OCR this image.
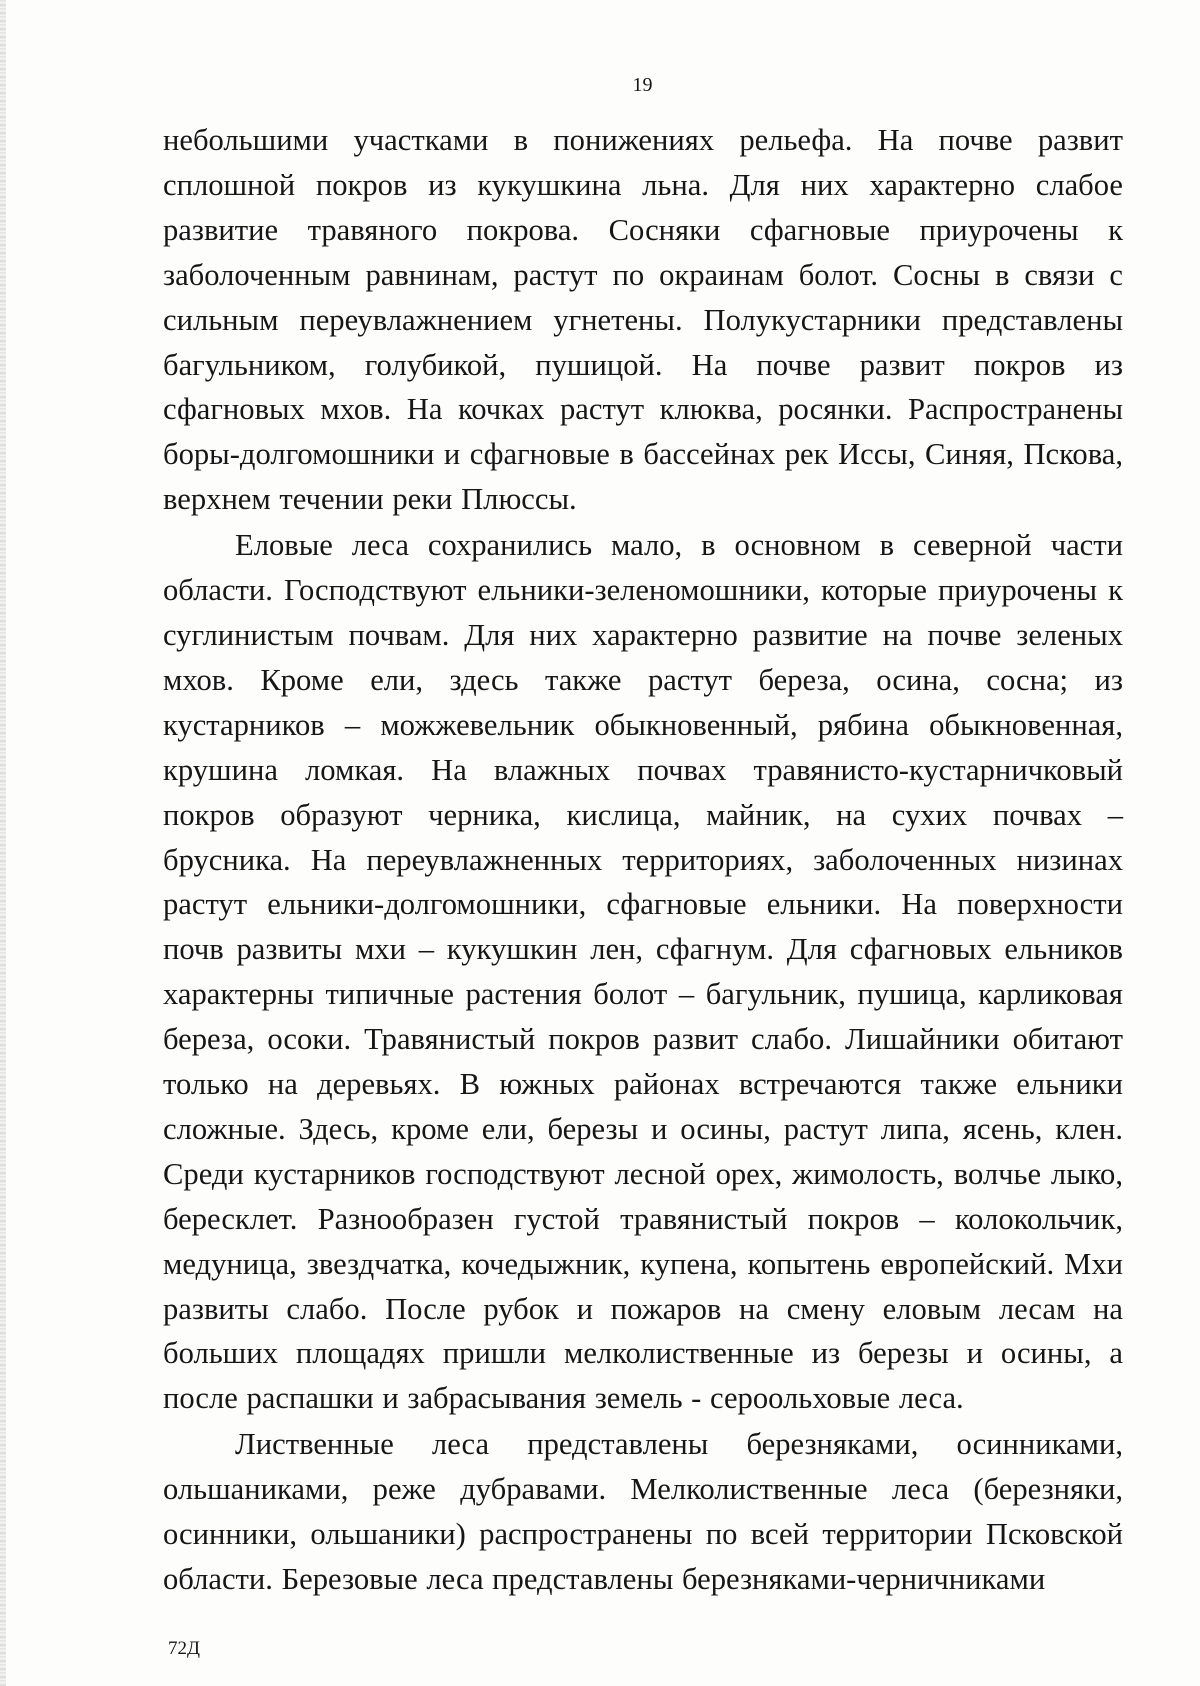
19

небольшими участками в понижениях рельефа. На почве развит сплошной покров из кукушкина льна. Для них характерно слабое развитие травяного покрова. Сосняки сфагновые приурочены к заболоченным равнинам, растут по окраинам болот. Сосны в связи с сильным переувлажнением угнетены. Полукустарники представлены багульником, голубикой, пушицой. На почве развит покров из сфагновых мхов. На кочках растут клюква, росянки. Распространены боры-долгомошники и сфагновые в бассейнах рек Иссы, Синяя, Пскова, верхнем течении реки Плюссы.

Еловые леса сохранились мало, в основном в северной части области. Господствуют ельники-зеленомошники, которые приурочены к суглинистым почвам. Для них характерно развитие на почве зеленых мхов. Кроме ели, здесь также растут береза, осина, сосна; из кустарников – можжевельник обыкновенный, рябина обыкновенная, крушина ломкая. На влажных почвах травянисто-кустарничковый покров образуют черника, кислица, майник, на сухих почвах – брусника. На переувлажненных территориях, заболоченных низинах растут ельники-долгомошники, сфагновые ельники. На поверхности почв развиты мхи – кукушкин лен, сфагнум. Для сфагновых ельников характерны типичные растения болот – багульник, пушица, карликовая береза, осоки. Травянистый покров развит слабо. Лишайники обитают только на деревьях. В южных районах встречаются также ельники сложные. Здесь, кроме ели, березы и осины, растут липа, ясень, клен. Среди кустарников господствуют лесной орех, жимолость, волчье лыко, бересклет. Разнообразен густой травянистый покров – колокольчик, медуница, звездчатка, кочедыжник, купена, копытень европейский. Мхи развиты слабо. После рубок и пожаров на смену еловым лесам на больших площадях пришли мелколиственные из березы и осины, а после распашки и забрасывания земель - сероольховые леса.

Лиственные леса представлены березняками, осинниками, ольшаниками, реже дубравами. Мелколиственные леса (березняки, осинники, ольшаники) распространены по всей территории Псковской области. Березовые леса представлены березняками-черничниками

72Д
